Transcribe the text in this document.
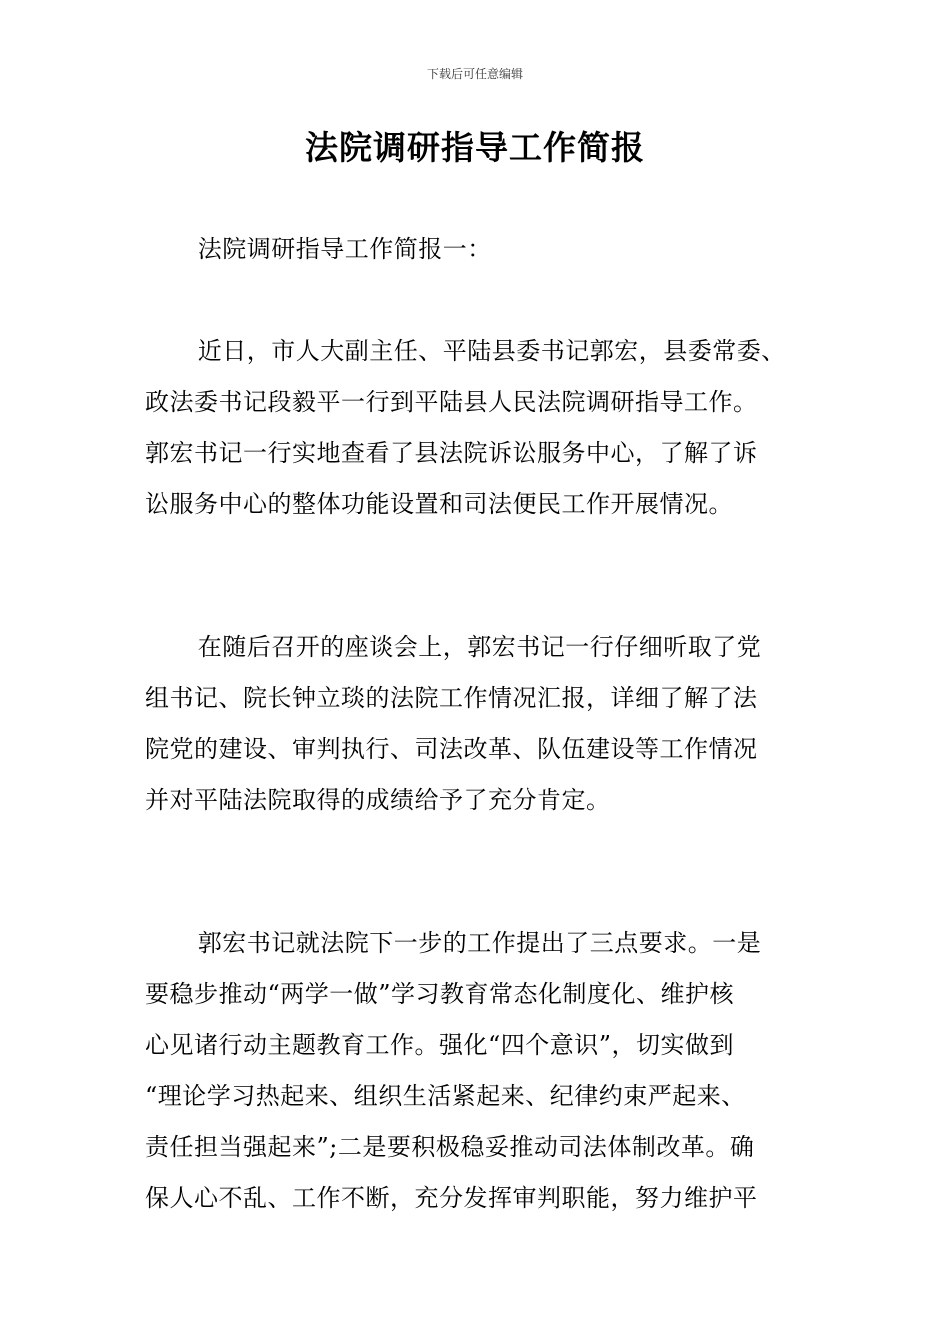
下载后可任意编辑
法院调研指导工作简报

法院调研指导工作简报一：

近日，市人大副主任、平陆县委书记郭宏，县委常委、
政法委书记段毅平一行到平陆县人民法院调研指导工作。
郭宏书记一行实地查看了县法院诉讼服务中心，了解了诉
讼服务中心的整体功能设置和司法便民工作开展情况。

在随后召开的座谈会上，郭宏书记一行仔细听取了党
组书记、院长钟立琰的法院工作情况汇报，详细了解了法
院党的建设、审判执行、司法改革、队伍建设等工作情况
并对平陆法院取得的成绩给予了充分肯定。

郭宏书记就法院下一步的工作提出了三点要求。一是
要稳步推动“两学一做”学习教育常态化制度化、维护核
心见诸行动主题教育工作。强化“四个意识”，切实做到
“理论学习热起来、组织生活紧起来、纪律约束严起来、
责任担当强起来”;二是要积极稳妥推动司法体制改革。确
保人心不乱、工作不断，充分发挥审判职能，努力维护平
